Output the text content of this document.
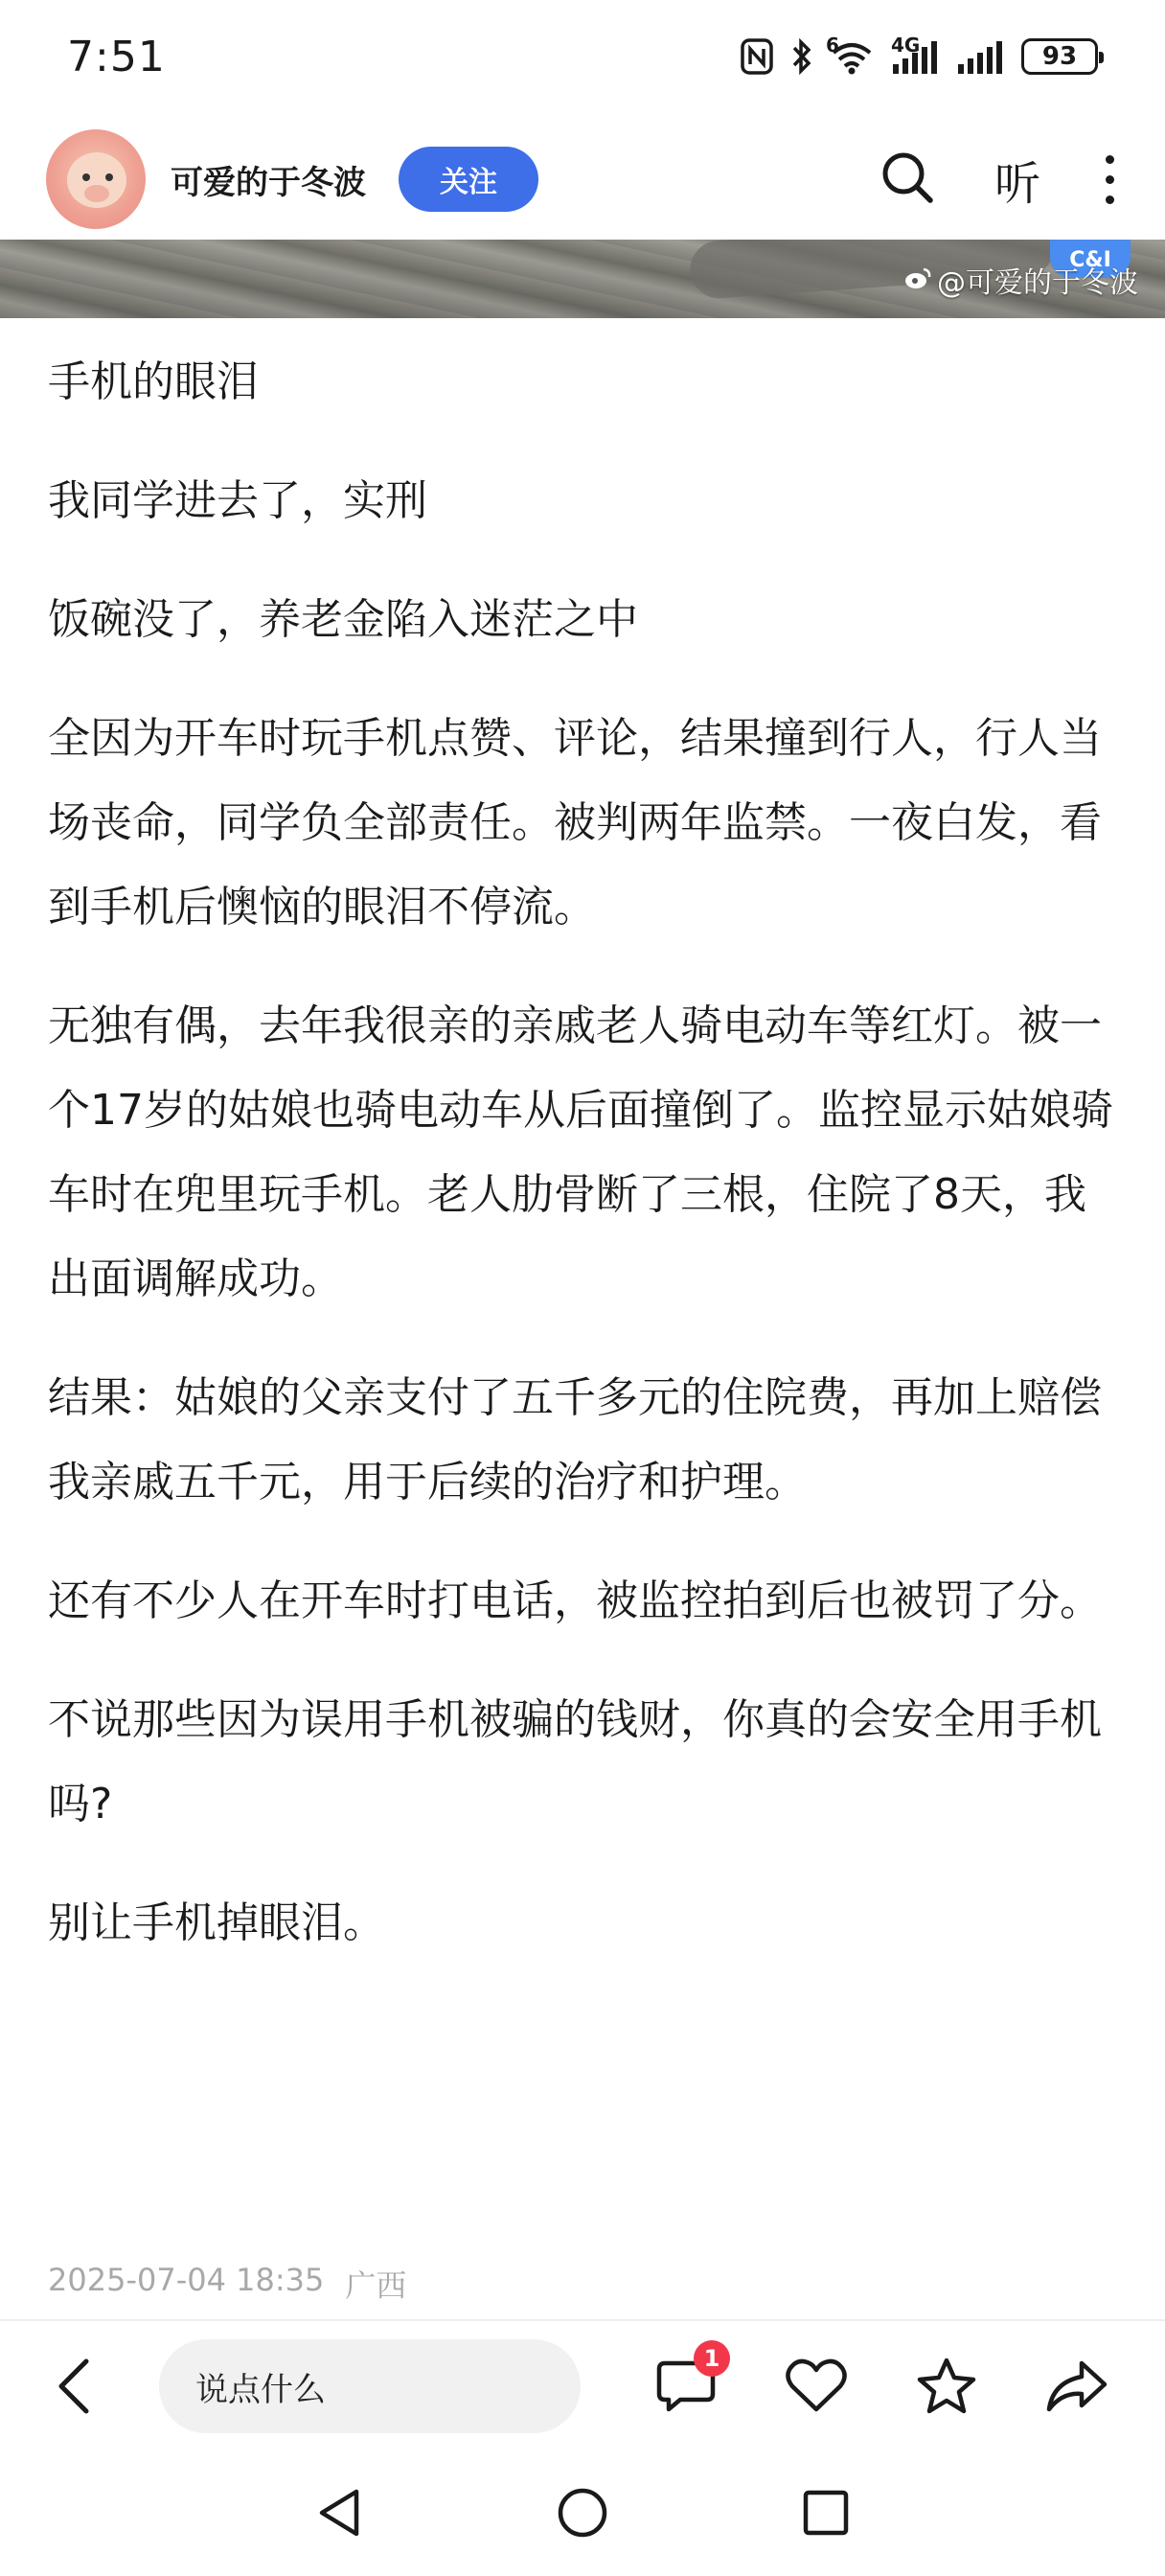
7:51	6	4G	93
可爱的于冬波	关注	听
C&I
@可爱的于冬波

手机的眼泪

我同学进去了，实刑

饭碗没了，养老金陷入迷茫之中

全因为开车时玩手机点赞、评论，结果撞到行人，行人当场丧命，同学负全部责任。被判两年监禁。一夜白发，看到手机后懊恼的眼泪不停流。

无独有偶，去年我很亲的亲戚老人骑电动车等红灯。被一个17岁的姑娘也骑电动车从后面撞倒了。监控显示姑娘骑车时在兜里玩手机。老人肋骨断了三根，住院了8天，我出面调解成功。

结果：姑娘的父亲支付了五千多元的住院费，再加上赔偿我亲戚五千元，用于后续的治疗和护理。

还有不少人在开车时打电话，被监控拍到后也被罚了分。

不说那些因为误用手机被骗的钱财，你真的会安全用手机吗?

别让手机掉眼泪。

2025-07-04 18:35 广西
说点什么
1
